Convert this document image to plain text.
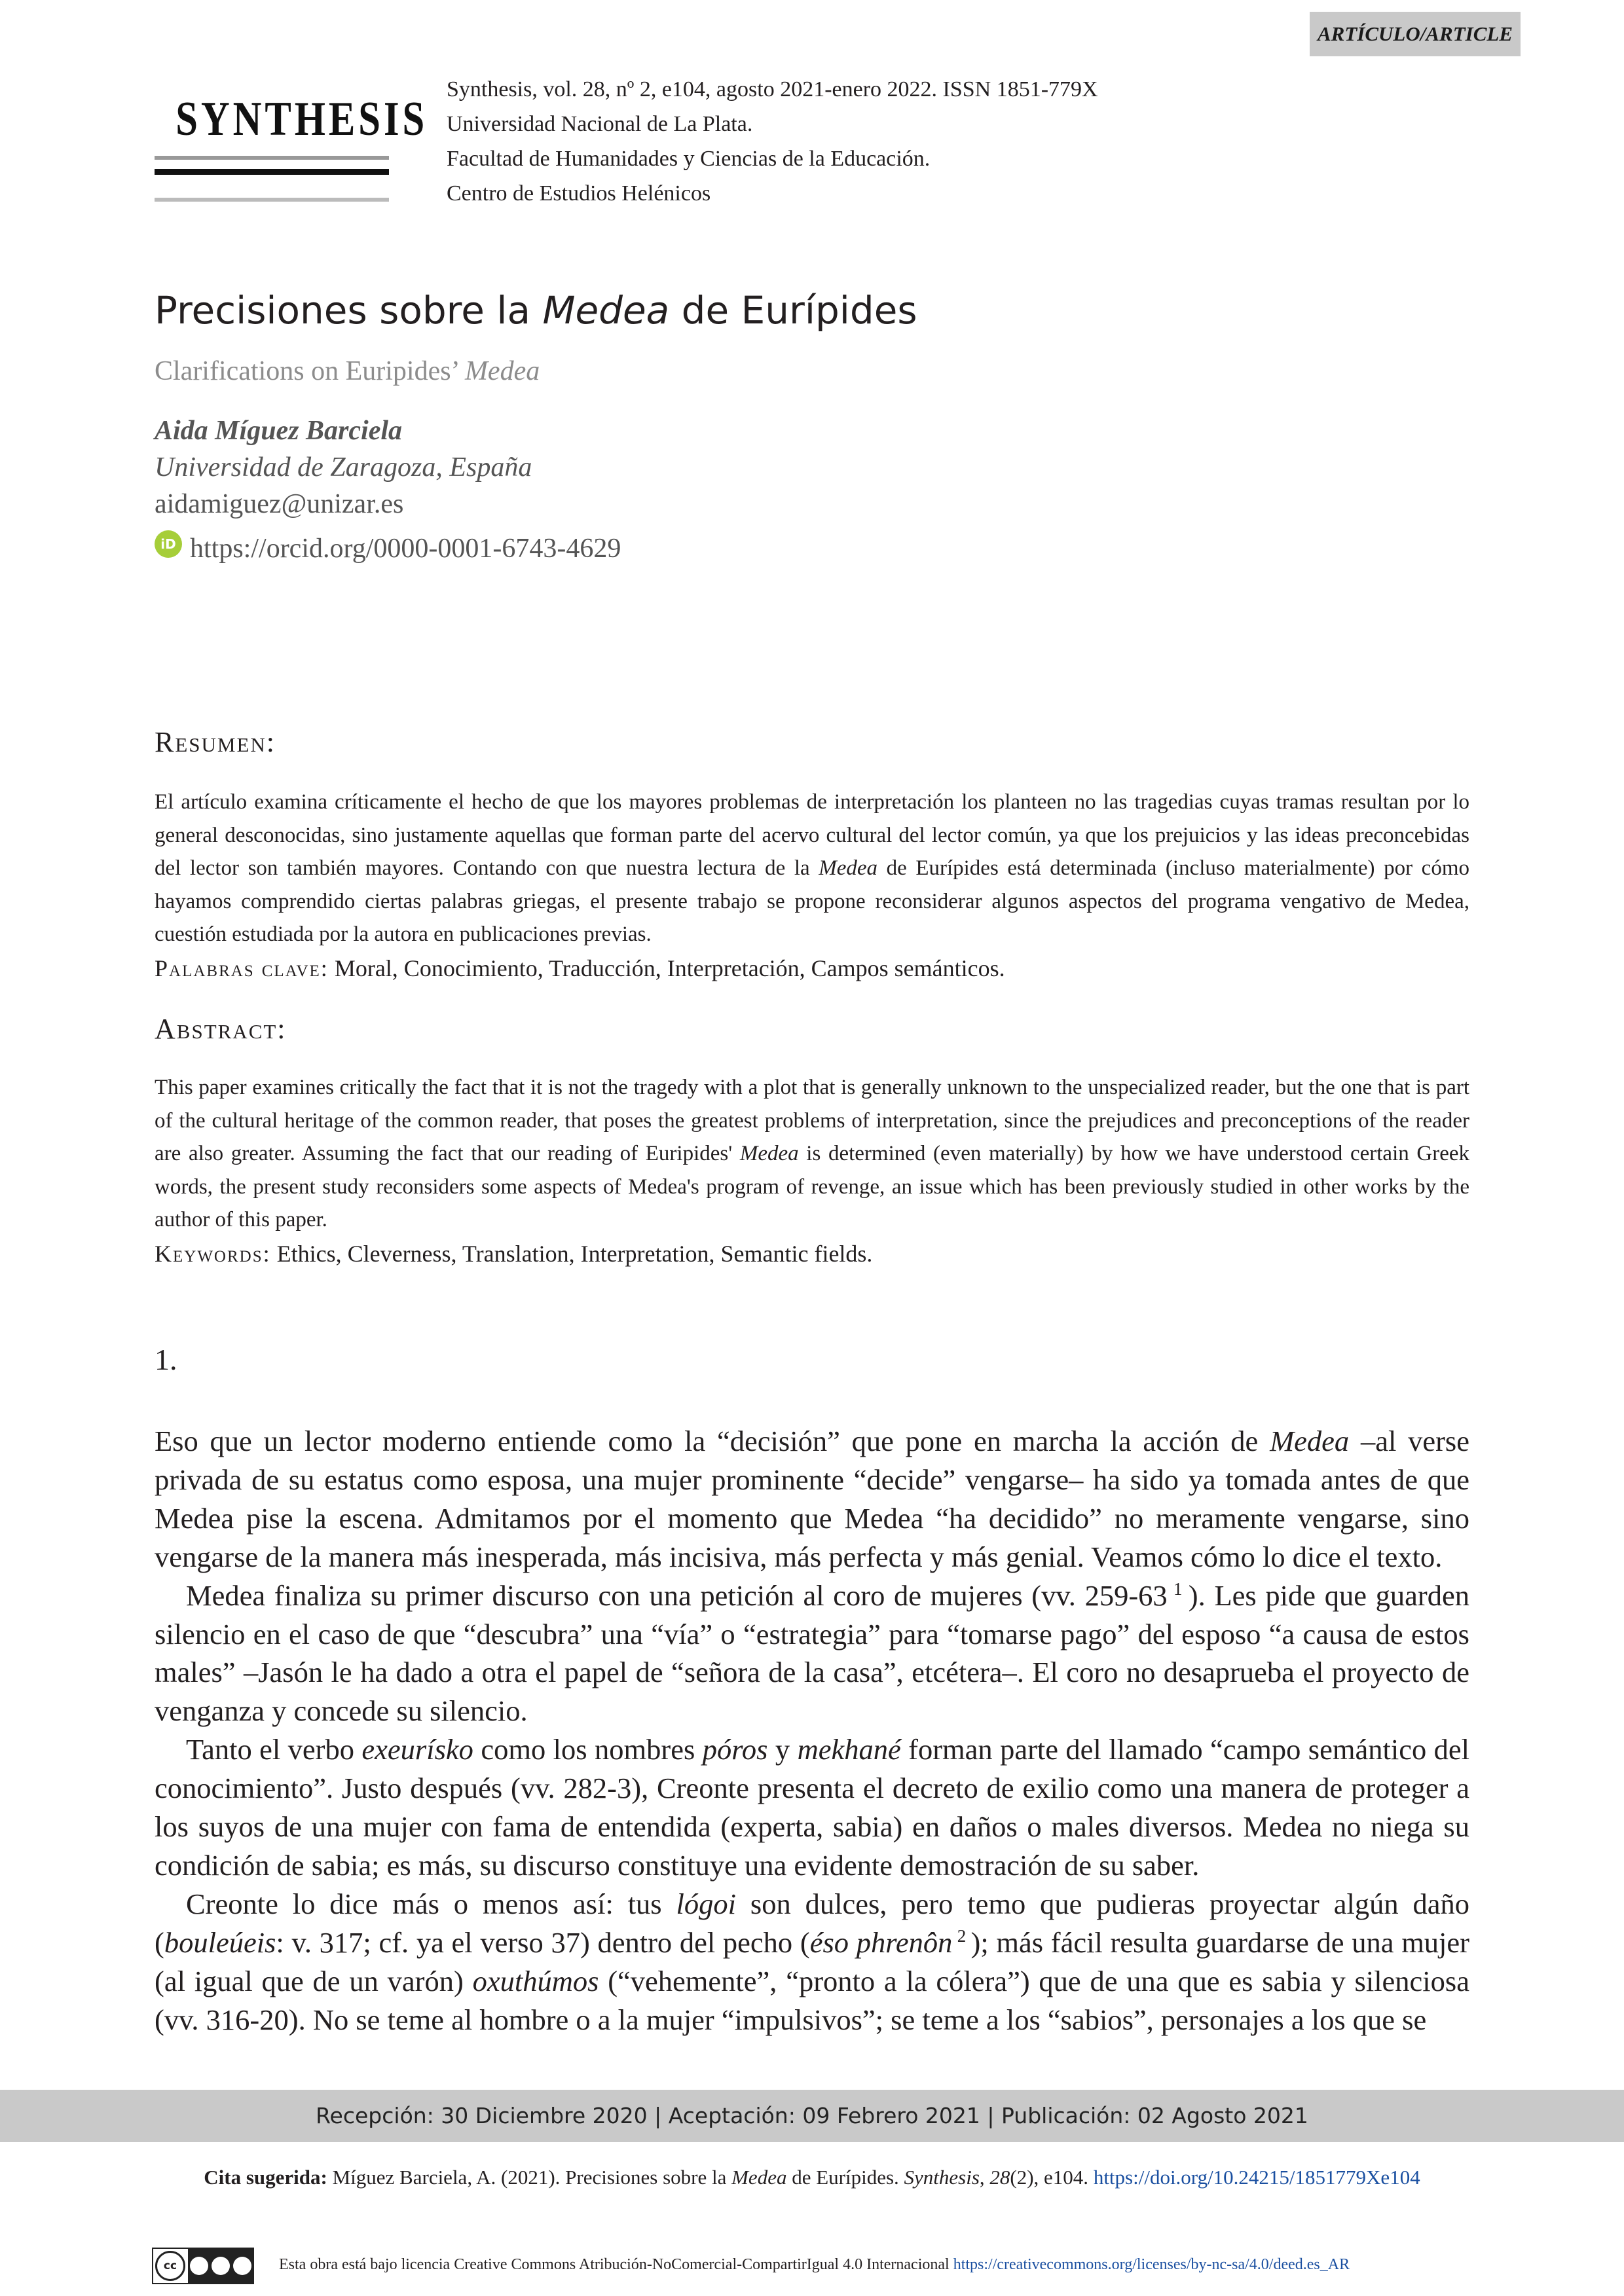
ARTÍCULO/ARTICLE
SYNTHESIS
Synthesis, vol. 28, nº 2, e104, agosto 2021-enero 2022. ISSN 1851-779X
Universidad Nacional de La Plata.
Facultad de Humanidades y Ciencias de la Educación.
Centro de Estudios Helénicos
Precisiones sobre la Medea de Eurípides
Clarifications on Euripides’ Medea
Aida Míguez Barciela
Universidad de Zaragoza, España
aidamiguez@unizar.es
iD https://orcid.org/0000-0001-6743-4629
Resumen:
El artículo examina críticamente el hecho de que los mayores problemas de interpretación los planteen no las tragedias cuyas tramas resultan por lo general desconocidas, sino justamente aquellas que forman parte del acervo cultural del lector común, ya que los prejuicios y las ideas preconcebidas del lector son también mayores. Contando con que nuestra lectura de la Medea de Eurípides está determinada (incluso materialmente) por cómo hayamos comprendido ciertas palabras griegas, el presente trabajo se propone reconsiderar algunos aspectos del programa vengativo de Medea, cuestión estudiada por la autora en publicaciones previas.
Palabras clave: Moral, Conocimiento, Traducción, Interpretación, Campos semánticos.
Abstract:
This paper examines critically the fact that it is not the tragedy with a plot that is generally unknown to the unspecialized reader, but the one that is part of the cultural heritage of the common reader, that poses the greatest problems of interpretation, since the prejudices and preconceptions of the reader are also greater. Assuming the fact that our reading of Euripides' Medea is determined (even materially) by how we have understood certain Greek words, the present study reconsiders some aspects of Medea's program of revenge, an issue which has been previously studied in other works by the author of this paper.
Keywords: Ethics, Cleverness, Translation, Interpretation, Semantic fields.
1.

Eso que un lector moderno entiende como la “decisión” que pone en marcha la acción de Medea –al verse privada de su estatus como esposa, una mujer prominente “decide” vengarse– ha sido ya tomada antes de que Medea pise la escena. Admitamos por el momento que Medea “ha decidido” no meramente vengarse, sino vengarse de la manera más inesperada, más incisiva, más perfecta y más genial. Veamos cómo lo dice el texto.

Medea finaliza su primer discurso con una petición al coro de mujeres (vv. 259-63 $^1$ ). Les pide que guarden silencio en el caso de que “descubra” una “vía” o “estrategia” para “tomarse pago” del esposo “a causa de estos males” –Jasón le ha dado a otra el papel de “señora de la casa”, etcétera–. El coro no desaprueba el proyecto de venganza y concede su silencio.

Tanto el verbo exeurísko como los nombres póros y mekhané forman parte del llamado “campo semántico del conocimiento”. Justo después (vv. 282-3), Creonte presenta el decreto de exilio como una manera de proteger a los suyos de una mujer con fama de entendida (experta, sabia) en daños o males diversos. Medea no niega su condición de sabia; es más, su discurso constituye una evidente demostración de su saber.

Creonte lo dice más o menos así: tus lógoi son dulces, pero temo que pudieras proyectar algún daño (bouleúeis: v. 317; cf. ya el verso 37) dentro del pecho (éso phrenôn $^2$ ); más fácil resulta guardarse de una mujer (al igual que de un varón) oxuthúmos (“vehemente”, “pronto a la cólera”) que de una que es sabia y silenciosa (vv. 316-20). No se teme al hombre o a la mujer “impulsivos”; se teme a los “sabios”, personajes a los que se

Recepción: 30 Diciembre 2020 | Aceptación: 09 Febrero 2021 | Publicación: 02 Agosto 2021
Cita sugerida: Míguez Barciela, A. (2021). Precisiones sobre la Medea de Eurípides. Synthesis, 28(2), e104. https://doi.org/10.24215/1851779Xe104
cc	Esta obra está bajo licencia Creative Commons Atribución-NoComercial-CompartirIgual 4.0 Internacional https://creativecommons.org/licenses/by-nc-sa/4.0/deed.es_AR
